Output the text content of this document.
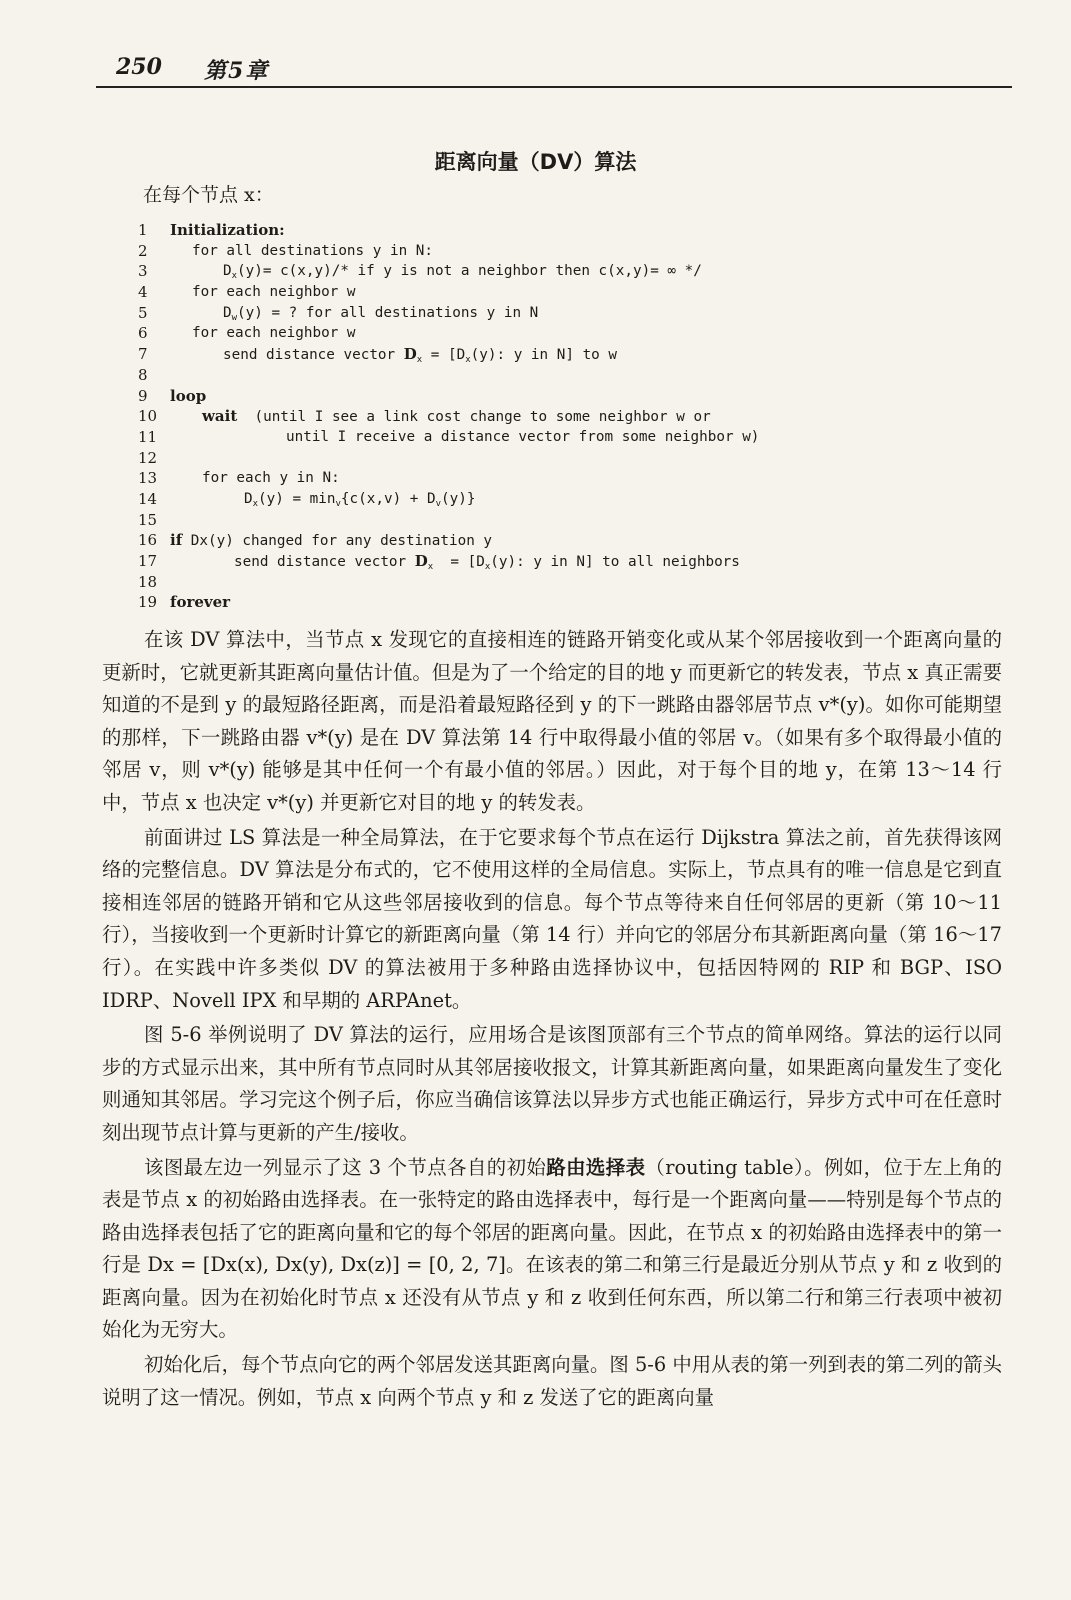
250 第5章
距离向量（DV）算法
在每个节点 x：
1	Initialization:
2	for all destinations y in N:
3	$D_x(y)= c(x,y)/*$ if y is not a neighbor then c(x,y)= ∞ */
4	for each neighbor w
5	$D_w(y)$ = ? for all destinations y in N
6	for each neighbor w
7	send distance vector $D_x = [D_x(y)$: y in N] to w
8
9	loop
10	wait  (until I see a link cost change to some neighbor w or
11	until I receive a distance vector from some neighbor w)
12
13	for each y in N:
14	$D_x(y) = \min_v\{c(x,v) + D_v(y)\}$
15
16 if Dx(y) changed for any destination y
17	send distance vector $D_x = [D_x(y)$: y in N] to all neighbors
18
19 forever

在该 DV 算法中，当节点 x 发现它的直接相连的链路开销变化或从某个邻居接收到一个距离向量的更新时，它就更新其距离向量估计值。但是为了一个给定的目的地 y 而更新它的转发表，节点 x 真正需要知道的不是到 y 的最短路径距离，而是沿着最短路径到 y 的下一跳路由器邻居节点 v*(y)。如你可能期望的那样，下一跳路由器 v*(y) 是在 DV 算法第 14 行中取得最小值的邻居 v。（如果有多个取得最小值的邻居 v，则 v*(y) 能够是其中任何一个有最小值的邻居。）因此，对于每个目的地 y，在第 13～14 行中，节点 x 也决定 v*(y) 并更新它对目的地 y 的转发表。

前面讲过 LS 算法是一种全局算法，在于它要求每个节点在运行 Dijkstra 算法之前，首先获得该网络的完整信息。DV 算法是分布式的，它不使用这样的全局信息。实际上，节点具有的唯一信息是它到直接相连邻居的链路开销和它从这些邻居接收到的信息。每个节点等待来自任何邻居的更新（第 10～11 行），当接收到一个更新时计算它的新距离向量（第 14 行）并向它的邻居分布其新距离向量（第 16～17 行）。在实践中许多类似 DV 的算法被用于多种路由选择协议中，包括因特网的 RIP 和 BGP、ISO IDRP、Novell IPX 和早期的 ARPAnet。

图 5-6 举例说明了 DV 算法的运行，应用场合是该图顶部有三个节点的简单网络。算法的运行以同步的方式显示出来，其中所有节点同时从其邻居接收报文，计算其新距离向量，如果距离向量发生了变化则通知其邻居。学习完这个例子后，你应当确信该算法以异步方式也能正确运行，异步方式中可在任意时刻出现节点计算与更新的产生/接收。

该图最左边一列显示了这 3 个节点各自的初始路由选择表（routing table）。例如，位于左上角的表是节点 x 的初始路由选择表。在一张特定的路由选择表中，每行是一个距离向量——特别是每个节点的路由选择表包括了它的距离向量和它的每个邻居的距离向量。因此，在节点 x 的初始路由选择表中的第一行是 Dx = [Dx(x), Dx(y), Dx(z)] = [0, 2, 7]。在该表的第二和第三行是最近分别从节点 y 和 z 收到的距离向量。因为在初始化时节点 x 还没有从节点 y 和 z 收到任何东西，所以第二行和第三行表项中被初始化为无穷大。

初始化后，每个节点向它的两个邻居发送其距离向量。图 5-6 中用从表的第一列到表的第二列的箭头说明了这一情况。例如，节点 x 向两个节点 y 和 z 发送了它的距离向量
